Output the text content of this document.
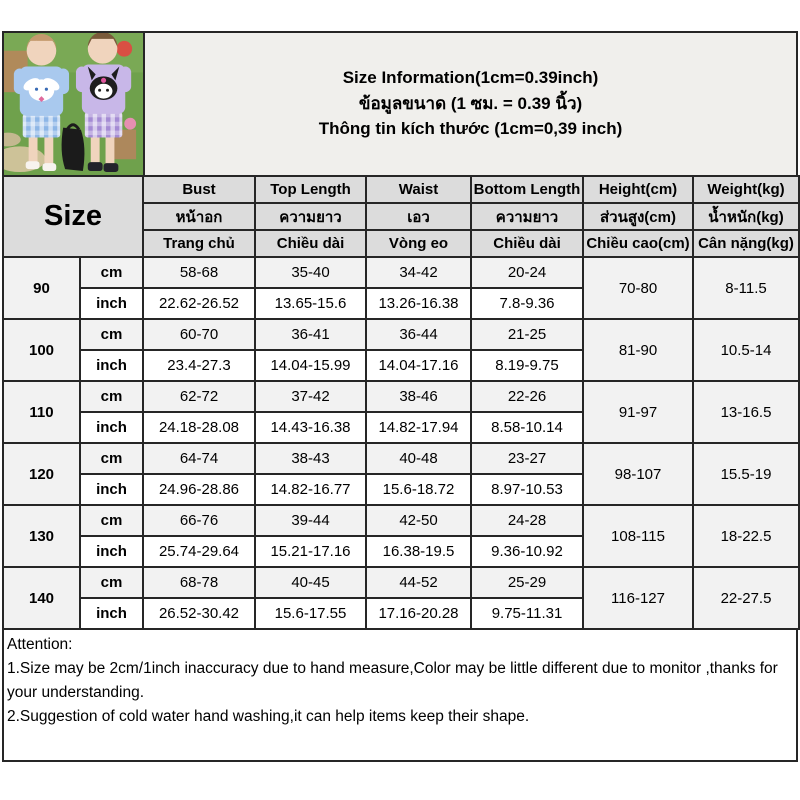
Size Information(1cm=0.39inch)
ข้อมูลขนาด (1 ซม. = 0.39 นิ้ว)
Thông tin kích thước (1cm=0,39 inch)
Size		Bust	Top Length	Waist	Bottom Length	Height(cm)	Weight(kg)
		หน้าอก	ความยาว	เอว	ความยาว	ส่วนสูง(cm)	น้ำหนัก(kg)
		Trang chủ	Chiều dài	Vòng eo	Chiều dài	Chiều cao(cm)	Cân nặng(kg)
90	cm	58-68	35-40	34-42	20-24	70-80	8-11.5
	inch	22.62-26.52	13.65-15.6	13.26-16.38	7.8-9.36		
100	cm	60-70	36-41	36-44	21-25	81-90	10.5-14
	inch	23.4-27.3	14.04-15.99	14.04-17.16	8.19-9.75		
110	cm	62-72	37-42	38-46	22-26	91-97	13-16.5
	inch	24.18-28.08	14.43-16.38	14.82-17.94	8.58-10.14		
120	cm	64-74	38-43	40-48	23-27	98-107	15.5-19
	inch	24.96-28.86	14.82-16.77	15.6-18.72	8.97-10.53		
130	cm	66-76	39-44	42-50	24-28	108-115	18-22.5
	inch	25.74-29.64	15.21-17.16	16.38-19.5	9.36-10.92		
140	cm	68-78	40-45	44-52	25-29	116-127	22-27.5
	inch	26.52-30.42	15.6-17.55	17.16-20.28	9.75-11.31		
Attention:
1.Size may be 2cm/1inch inaccuracy due to hand measure,Color may be little different due to monitor ,thanks for your understanding.
2.Suggestion of cold water hand washing,it can help items keep their shape.
